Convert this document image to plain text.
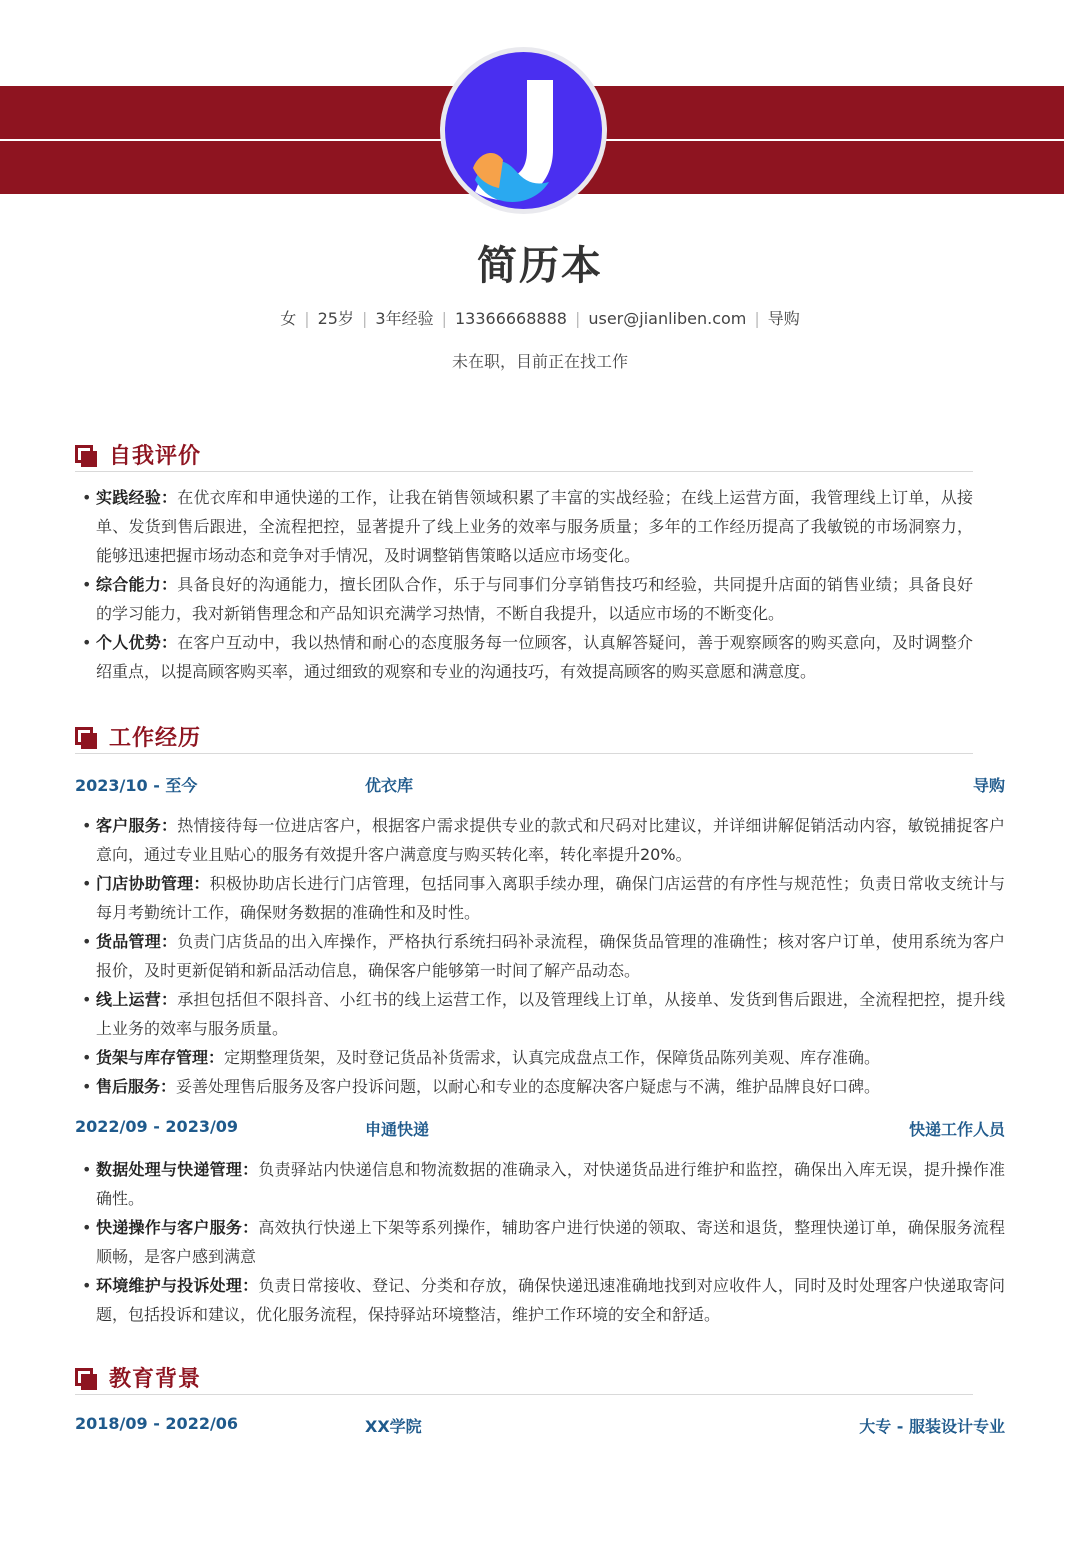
简历本
女 | 25岁 | 3年经验 | 13366668888 | user@jianliben.com | 导购
未在职，目前正在找工作
自我评价
• 实践经验：在优衣库和申通快递的工作，让我在销售领域积累了丰富的实战经验；在线上运营方面，我管理线上订单，从接单、发货到售后跟进，全流程把控，显著提升了线上业务的效率与服务质量；多年的工作经历提高了我敏锐的市场洞察力，能够迅速把握市场动态和竞争对手情况，及时调整销售策略以适应市场变化。
• 综合能力：具备良好的沟通能力，擅长团队合作，乐于与同事们分享销售技巧和经验，共同提升店面的销售业绩；具备良好的学习能力，我对新销售理念和产品知识充满学习热情，不断自我提升，以适应市场的不断变化。
• 个人优势：在客户互动中，我以热情和耐心的态度服务每一位顾客，认真解答疑问，善于观察顾客的购买意向，及时调整介绍重点，以提高顾客购买率，通过细致的观察和专业的沟通技巧，有效提高顾客的购买意愿和满意度。
工作经历
2023/10 - 至今	优衣库	导购
• 客户服务：热情接待每一位进店客户，根据客户需求提供专业的款式和尺码对比建议，并详细讲解促销活动内容，敏锐捕捉客户意向，通过专业且贴心的服务有效提升客户满意度与购买转化率，转化率提升20%。
• 门店协助管理：积极协助店长进行门店管理，包括同事入离职手续办理，确保门店运营的有序性与规范性；负责日常收支统计与每月考勤统计工作，确保财务数据的准确性和及时性。
• 货品管理：负责门店货品的出入库操作，严格执行系统扫码补录流程，确保货品管理的准确性；核对客户订单，使用系统为客户报价，及时更新促销和新品活动信息，确保客户能够第一时间了解产品动态。
• 线上运营：承担包括但不限抖音、小红书的线上运营工作，以及管理线上订单，从接单、发货到售后跟进，全流程把控，提升线上业务的效率与服务质量。
• 货架与库存管理：定期整理货架，及时登记货品补货需求，认真完成盘点工作，保障货品陈列美观、库存准确。
• 售后服务：妥善处理售后服务及客户投诉问题，以耐心和专业的态度解决客户疑虑与不满，维护品牌良好口碑。
2022/09 - 2023/09	申通快递	快递工作人员
• 数据处理与快递管理：负责驿站内快递信息和物流数据的准确录入，对快递货品进行维护和监控，确保出入库无误，提升操作准确性。
• 快递操作与客户服务：高效执行快递上下架等系列操作，辅助客户进行快递的领取、寄送和退货，整理快递订单，确保服务流程顺畅，是客户感到满意
• 环境维护与投诉处理：负责日常接收、登记、分类和存放，确保快递迅速准确地找到对应收件人，同时及时处理客户快递取寄问题，包括投诉和建议，优化服务流程，保持驿站环境整洁，维护工作环境的安全和舒适。
教育背景
2018/09 - 2022/06	XX学院	大专 - 服装设计专业
